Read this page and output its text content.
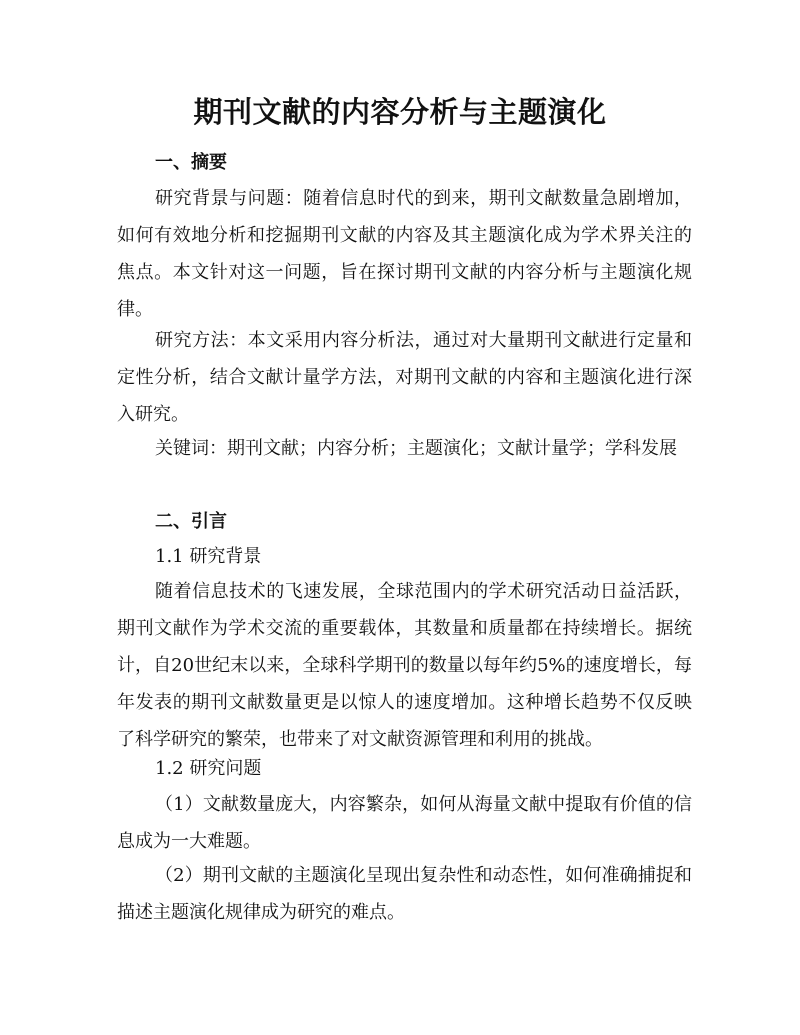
期刊文献的内容分析与主题演化
一、摘要

研究背景与问题：随着信息时代的到来，期刊文献数量急剧增加，如何有效地分析和挖掘期刊文献的内容及其主题演化成为学术界关注的焦点。本文针对这一问题，旨在探讨期刊文献的内容分析与主题演化规律。

研究方法：本文采用内容分析法，通过对大量期刊文献进行定量和定性分析，结合文献计量学方法，对期刊文献的内容和主题演化进行深入研究。

关键词：期刊文献；内容分析；主题演化；文献计量学；学科发展

二、引言
1.1 研究背景

随着信息技术的飞速发展，全球范围内的学术研究活动日益活跃，期刊文献作为学术交流的重要载体，其数量和质量都在持续增长。据统计，自20世纪末以来，全球科学期刊的数量以每年约5%的速度增长，每年发表的期刊文献数量更是以惊人的速度增加。这种增长趋势不仅反映了科学研究的繁荣，也带来了对文献资源管理和利用的挑战。

1.2 研究问题

（1）文献数量庞大，内容繁杂，如何从海量文献中提取有价值的信息成为一大难题。

（2）期刊文献的主题演化呈现出复杂性和动态性，如何准确捕捉和描述主题演化规律成为研究的难点。
